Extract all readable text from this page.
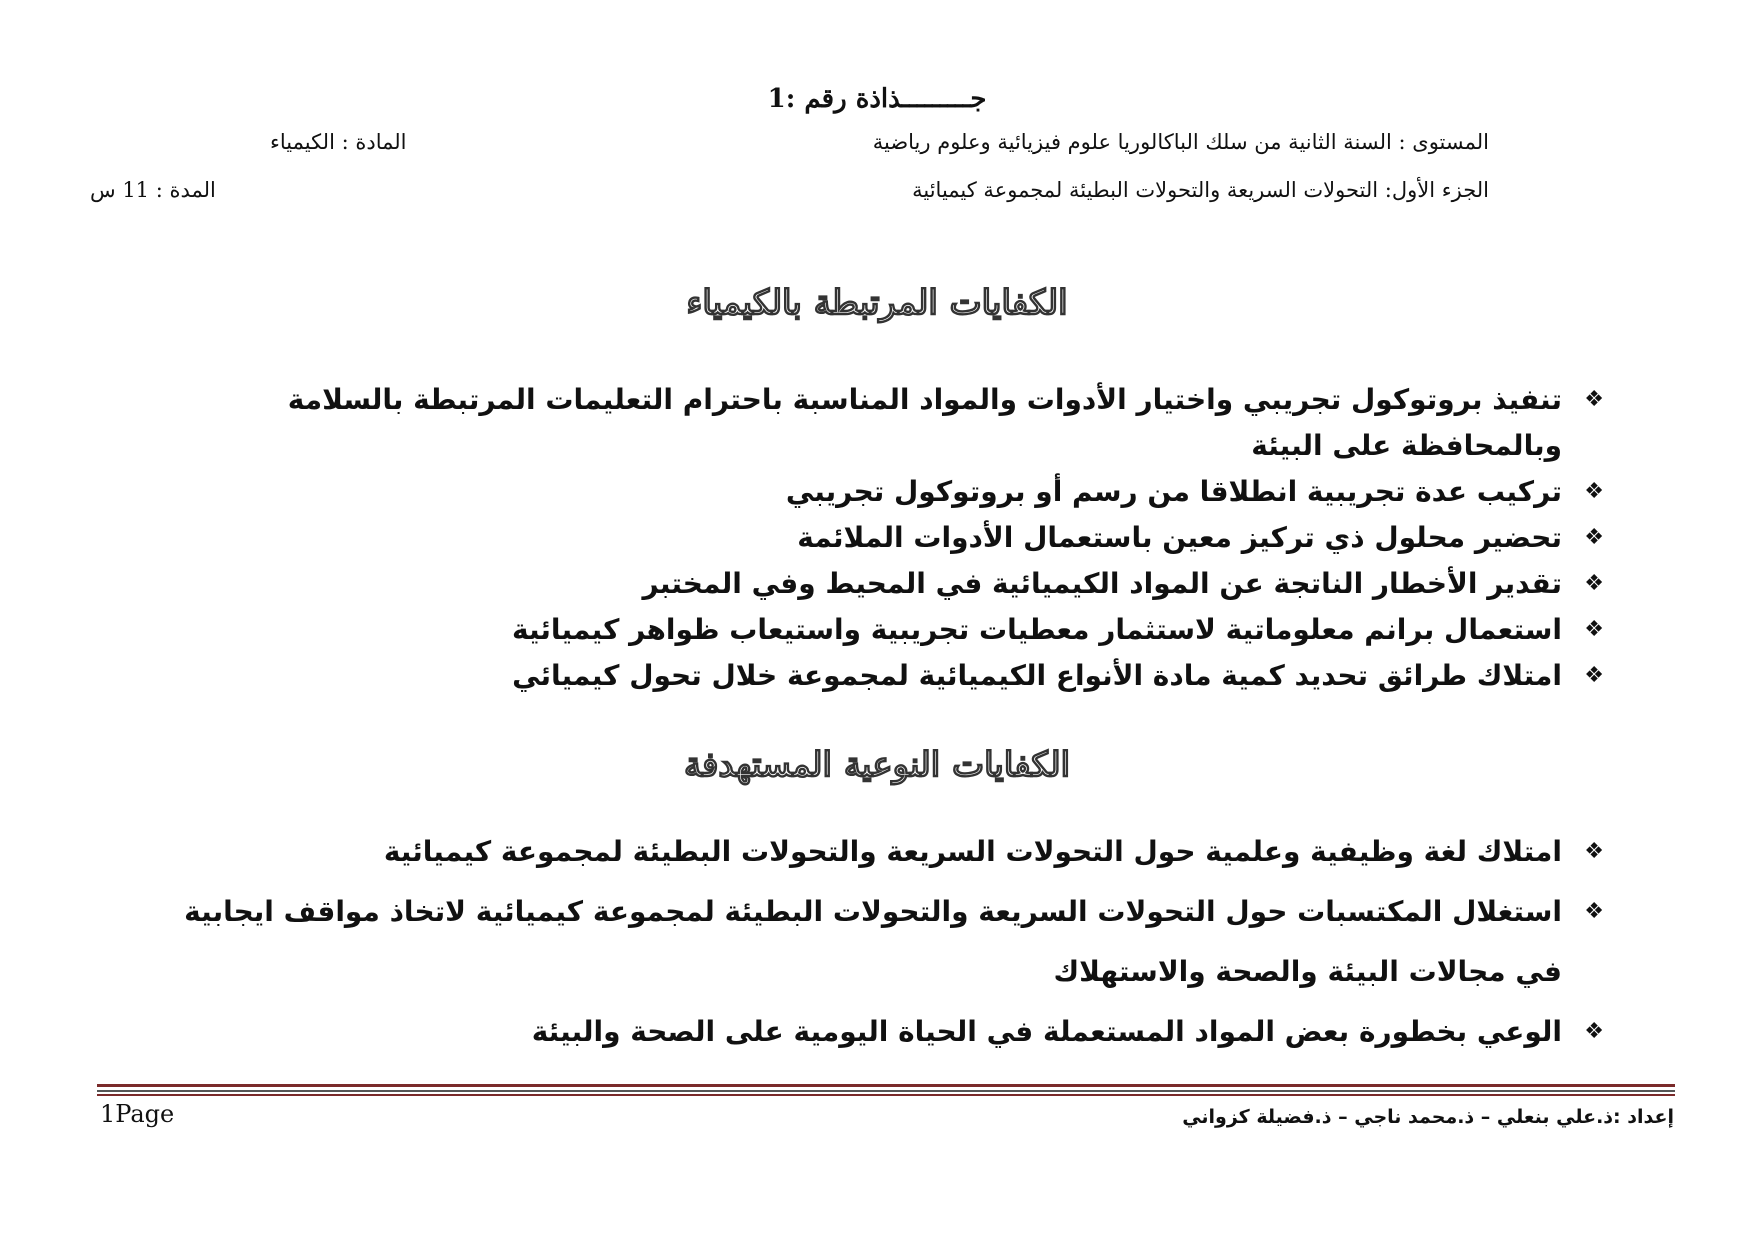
جـــــــــذاذة رقم :1
المستوى : السنة الثانية من سلك الباكالوريا علوم فيزيائية وعلوم رياضية
المادة : الكيمياء
الجزء الأول: التحولات السريعة والتحولات البطيئة لمجموعة كيميائية
المدة : 11 س
الكفايات المرتبطة بالكيمياء
❖
تنفيذ بروتوكول تجريبي واختيار الأدوات والمواد المناسبة باحترام التعليمات المرتبطة بالسلامة وبالمحافظة على البيئة
❖
تركيب عدة تجريبية انطلاقا من رسم أو بروتوكول تجريبي
❖
تحضير محلول ذي تركيز معين باستعمال الأدوات الملائمة
❖
تقدير الأخطار الناتجة عن المواد الكيميائية في المحيط وفي المختبر
❖
استعمال برانم معلوماتية لاستثمار معطيات تجريبية واستيعاب ظواهر كيميائية
❖
امتلاك طرائق تحديد كمية مادة الأنواع الكيميائية لمجموعة خلال تحول كيميائي
الكفايات النوعية المستهدفة
❖
امتلاك لغة وظيفية وعلمية حول التحولات السريعة والتحولات البطيئة لمجموعة كيميائية
❖
استغلال المكتسبات حول التحولات السريعة والتحولات البطيئة لمجموعة كيميائية لاتخاذ مواقف ايجابية في مجالات البيئة والصحة والاستهلاك
❖
الوعي بخطورة بعض المواد المستعملة في الحياة اليومية على الصحة والبيئة
1Page	إعداد :ذ.علي بنعلي – ذ.محمد ناجي – ذ.فضيلة كزواني
